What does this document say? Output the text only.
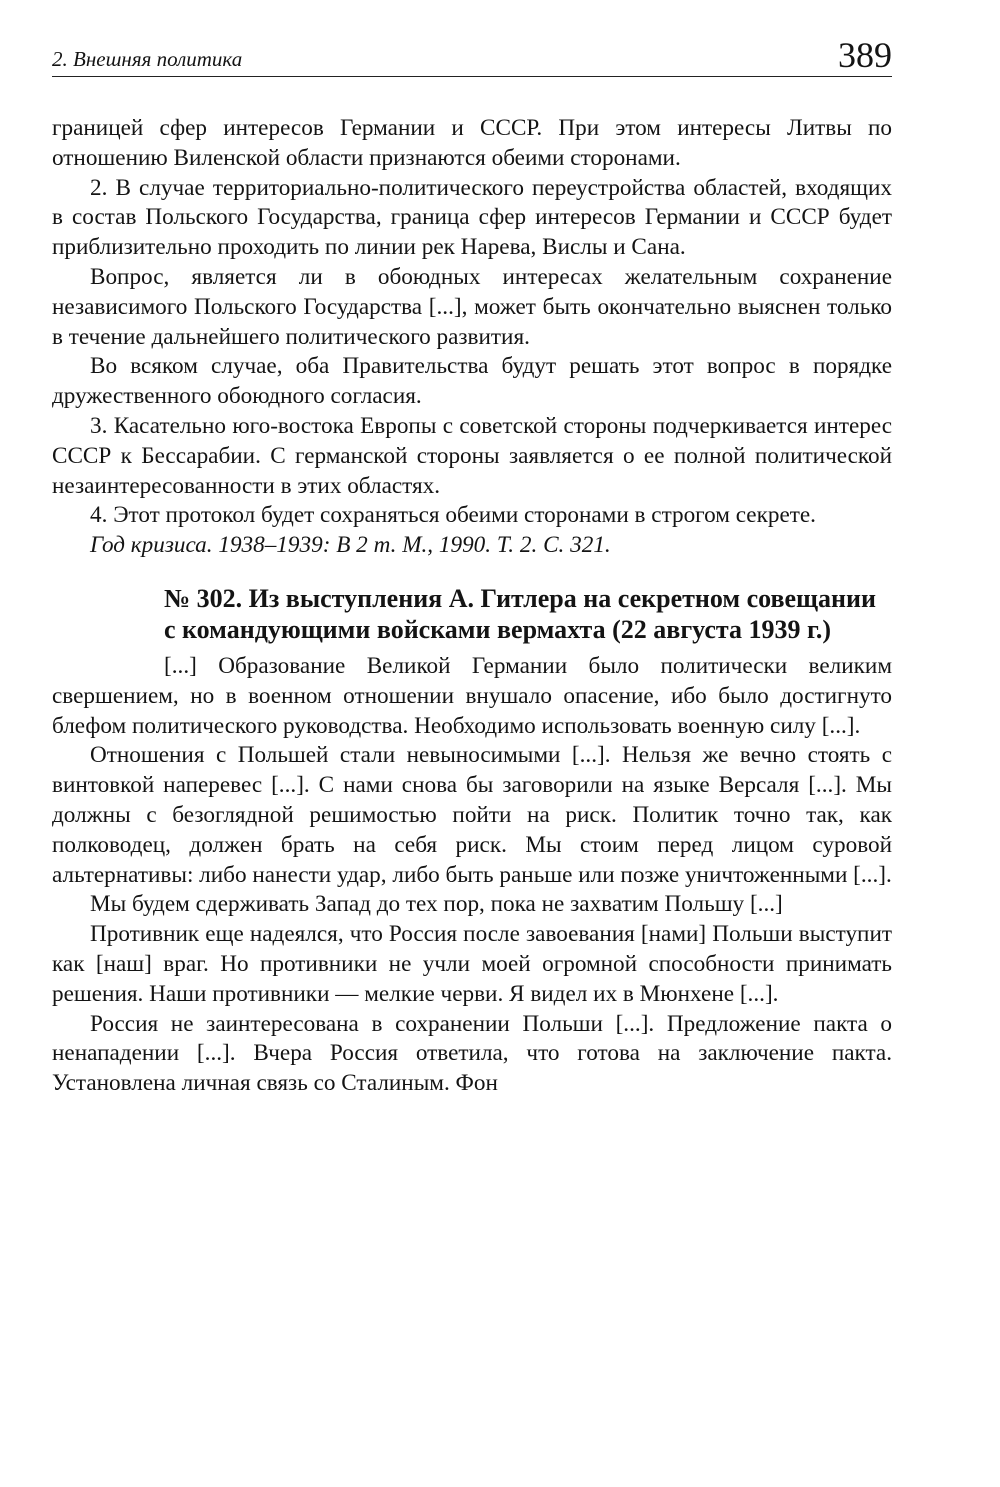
2. Внешняя политика	389

границей сфер интересов Германии и СССР. При этом интересы Литвы по отношению Виленской области признаются обеими сторонами.

2. В случае территориально-политического переустройства областей, входящих в состав Польского Государства, граница сфер интересов Германии и СССР будет приблизительно проходить по линии рек Нарева, Вислы и Сана.

Вопрос, является ли в обоюдных интересах желательным сохранение независимого Польского Государства [...], может быть окончательно выяснен только в течение дальнейшего политического развития.

Во всяком случае, оба Правительства будут решать этот вопрос в порядке дружественного обоюдного согласия.

3. Касательно юго-востока Европы с советской стороны подчеркивается интерес СССР к Бессарабии. С германской стороны заявляется о ее полной политической незаинтересованности в этих областях.

4. Этот протокол будет сохраняться обеими сторонами в строгом секрете.

Год кризиса. 1938–1939: В 2 т. М., 1990. Т. 2. С. 321.

№ 302. Из выступления А. Гитлера на секретном совещании с командующими войсками вермахта (22 августа 1939 г.)

[...] Образование Великой Германии было политически великим свершением, но в военном отношении внушало опасение, ибо было достигнуто блефом политического руководства. Необходимо использовать военную силу [...].

Отношения с Польшей стали невыносимыми [...]. Нельзя же вечно стоять с винтовкой наперевес [...]. С нами снова бы заговорили на языке Версаля [...]. Мы должны с безоглядной решимостью пойти на риск. Политик точно так, как полководец, должен брать на себя риск. Мы стоим перед лицом суровой альтернативы: либо нанести удар, либо быть раньше или позже уничтоженными [...].

Мы будем сдерживать Запад до тех пор, пока не захватим Польшу [...]

Противник еще надеялся, что Россия после завоевания [нами] Польши выступит как [наш] враг. Но противники не учли моей огромной способности принимать решения. Наши противники — мелкие черви. Я видел их в Мюнхене [...].

Россия не заинтересована в сохранении Польши [...]. Предложение пакта о ненападении [...]. Вчера Россия ответила, что готова на заключение пакта. Установлена личная связь со Сталиным. Фон
